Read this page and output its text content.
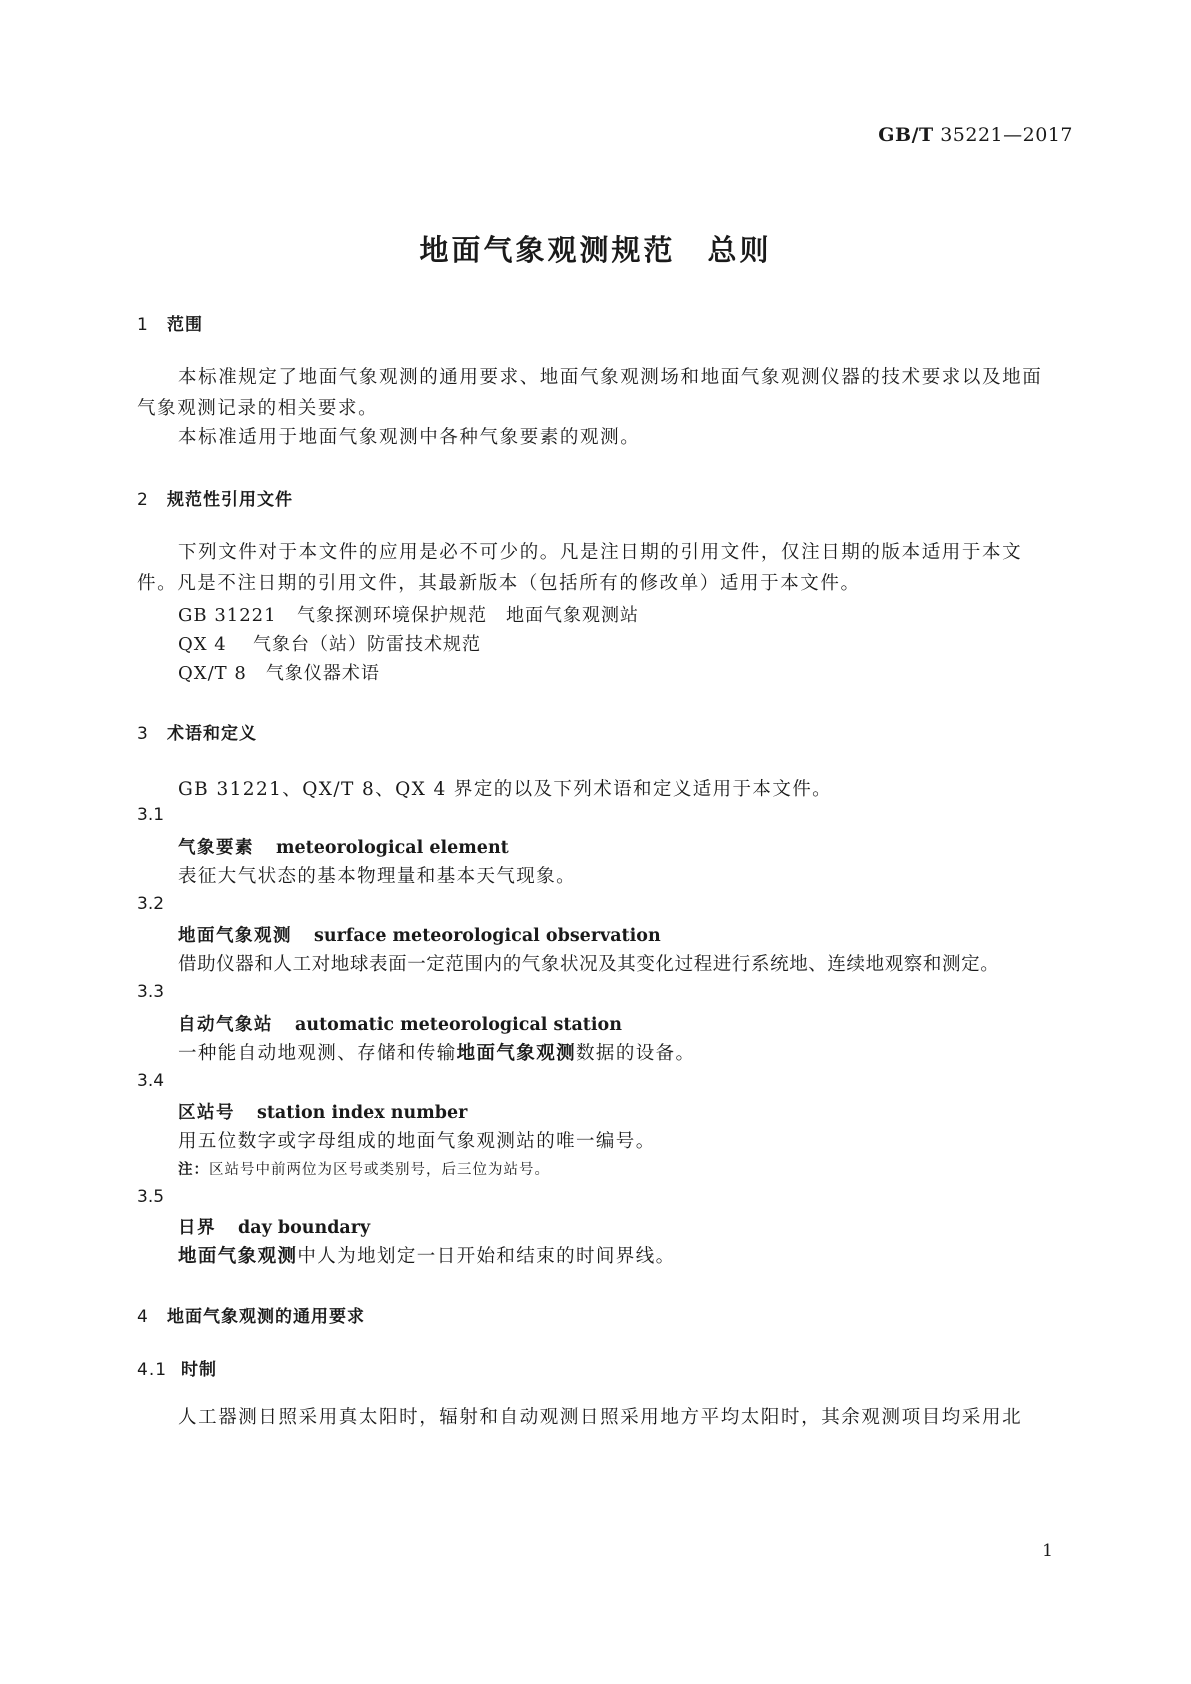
GB/T 35221—2017
地面气象观测规范　总则
1 范围
本标准规定了地面气象观测的通用要求、地面气象观测场和地面气象观测仪器的技术要求以及地面气象观测记录的相关要求。
本标准适用于地面气象观测中各种气象要素的观测。
2 规范性引用文件
下列文件对于本文件的应用是必不可少的。凡是注日期的引用文件，仅注日期的版本适用于本文件。凡是不注日期的引用文件，其最新版本（包括所有的修改单）适用于本文件。
GB 31221　 气象探测环境保护规范　地面气象观测站
QX 4　 气象台（站）防雷技术规范
QX/T 8　 气象仪器术语
3 术语和定义
GB 31221、QX/T 8、QX 4 界定的以及下列术语和定义适用于本文件。
3.1
气象要素 meteorological element
表征大气状态的基本物理量和基本天气现象。
3.2
地面气象观测 surface meteorological observation
借助仪器和人工对地球表面一定范围内的气象状况及其变化过程进行系统地、连续地观察和测定。
3.3
自动气象站 automatic meteorological station
一种能自动地观测、存储和传输地面气象观测数据的设备。
3.4
区站号 station index number
用五位数字或字母组成的地面气象观测站的唯一编号。
注：区站号中前两位为区号或类别号，后三位为站号。
3.5
日界 day boundary
地面气象观测中人为地划定一日开始和结束的时间界线。
4 地面气象观测的通用要求
4.1 时制
人工器测日照采用真太阳时，辐射和自动观测日照采用地方平均太阳时，其余观测项目均采用北
1
